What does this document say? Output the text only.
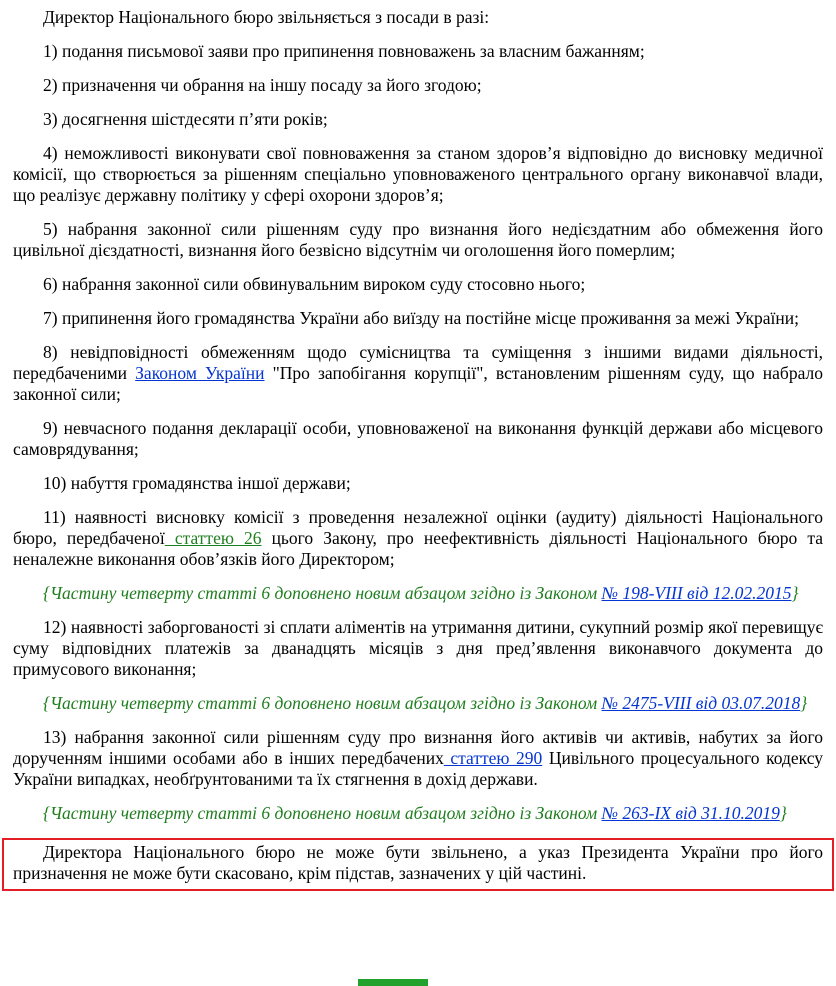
Директор Національного бюро звільняється з посади в разі:

1) подання письмової заяви про припинення повноважень за власним бажанням;

2) призначення чи обрання на іншу посаду за його згодою;

3) досягнення шістдесяти п’яти років;

4) неможливості виконувати свої повноваження за станом здоров’я відповідно до висновку медичної комісії, що створюється за рішенням спеціально уповноваженого центрального органу виконавчої влади, що реалізує державну політику у сфері охорони здоров’я;

5) набрання законної сили рішенням суду про визнання його недієздатним або обмеження його цивільної дієздатності, визнання його безвісно відсутнім чи оголошення його померлим;

6) набрання законної сили обвинувальним вироком суду стосовно нього;

7) припинення його громадянства України або виїзду на постійне місце проживання за межі України;

8) невідповідності обмеженням щодо сумісництва та суміщення з іншими видами діяльності, передбаченими Законом України "Про запобігання корупції", встановленим рішенням суду, що набрало законної сили;

9) невчасного подання декларації особи, уповноваженої на виконання функцій держави або місцевого самоврядування;

10) набуття громадянства іншої держави;

11) наявності висновку комісії з проведення незалежної оцінки (аудиту) діяльності Національного бюро, передбаченої статтею 26 цього Закону, про неефективність діяльності Національного бюро та неналежне виконання обов’язків його Директором;

{Частину четверту статті 6 доповнено новим абзацом згідно із Законом № 198-VIII від 12.02.2015}

12) наявності заборгованості зі сплати аліментів на утримання дитини, сукупний розмір якої перевищує суму відповідних платежів за дванадцять місяців з дня пред’явлення виконавчого документа до примусового виконання;

{Частину четверту статті 6 доповнено новим абзацом згідно із Законом № 2475-VIII від 03.07.2018}

13) набрання законної сили рішенням суду про визнання його активів чи активів, набутих за його дорученням іншими особами або в інших передбачених статтею 290 Цивільного процесуального кодексу України випадках, необґрунтованими та їх стягнення в дохід держави.

{Частину четверту статті 6 доповнено новим абзацом згідно із Законом № 263-IX від 31.10.2019}

Директора Національного бюро не може бути звільнено, а указ Президента України про його призначення не може бути скасовано, крім підстав, зазначених у цій частині.
